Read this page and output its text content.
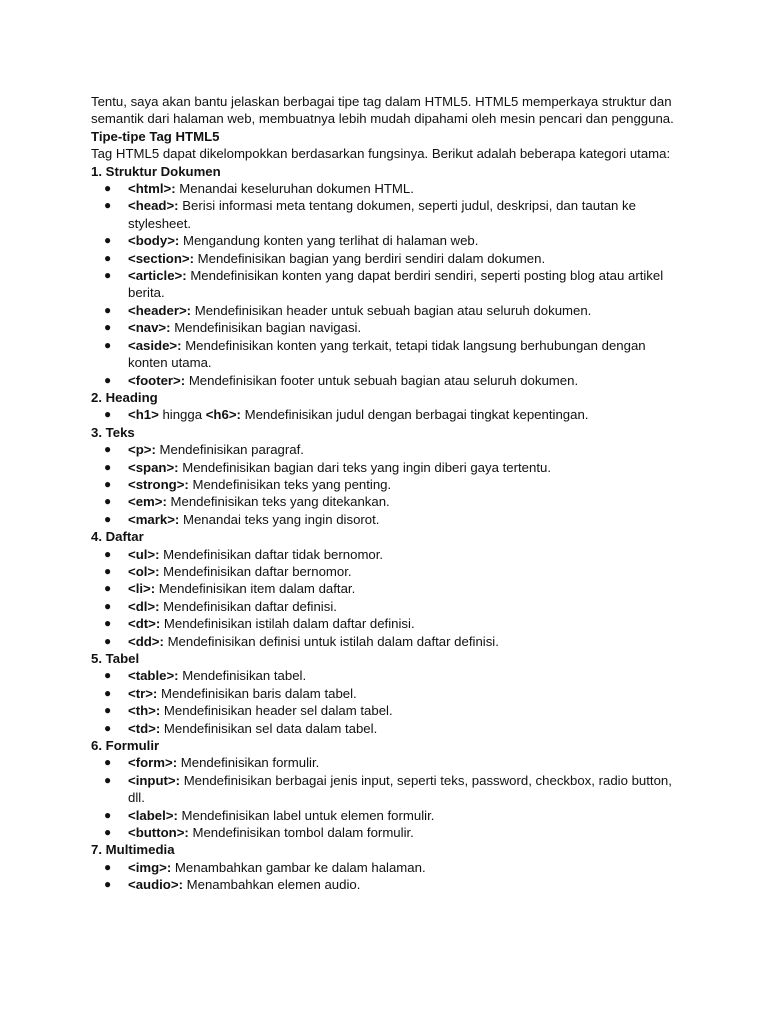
Tentu, saya akan bantu jelaskan berbagai tipe tag dalam HTML5. HTML5 memperkaya struktur dan semantik dari halaman web, membuatnya lebih mudah dipahami oleh mesin pencari dan pengguna.

Tipe-tipe Tag HTML5

Tag HTML5 dapat dikelompokkan berdasarkan fungsinya. Berikut adalah beberapa kategori utama:

1. Struktur Dokumen

● <html>: Menandai keseluruhan dokumen HTML.
● <head>: Berisi informasi meta tentang dokumen, seperti judul, deskripsi, dan tautan ke stylesheet.
● <body>: Mengandung konten yang terlihat di halaman web.
● <section>: Mendefinisikan bagian yang berdiri sendiri dalam dokumen.
● <article>: Mendefinisikan konten yang dapat berdiri sendiri, seperti posting blog atau artikel berita.
● <header>: Mendefinisikan header untuk sebuah bagian atau seluruh dokumen.
● <nav>: Mendefinisikan bagian navigasi.
● <aside>: Mendefinisikan konten yang terkait, tetapi tidak langsung berhubungan dengan konten utama.
● <footer>: Mendefinisikan footer untuk sebuah bagian atau seluruh dokumen.

2. Heading

● <h1> hingga <h6>: Mendefinisikan judul dengan berbagai tingkat kepentingan.

3. Teks

● <p>: Mendefinisikan paragraf.
● <span>: Mendefinisikan bagian dari teks yang ingin diberi gaya tertentu.
● <strong>: Mendefinisikan teks yang penting.
● <em>: Mendefinisikan teks yang ditekankan.
● <mark>: Menandai teks yang ingin disorot.

4. Daftar

● <ul>: Mendefinisikan daftar tidak bernomor.
● <ol>: Mendefinisikan daftar bernomor.
● <li>: Mendefinisikan item dalam daftar.
● <dl>: Mendefinisikan daftar definisi.
● <dt>: Mendefinisikan istilah dalam daftar definisi.
● <dd>: Mendefinisikan definisi untuk istilah dalam daftar definisi.

5. Tabel

● <table>: Mendefinisikan tabel.
● <tr>: Mendefinisikan baris dalam tabel.
● <th>: Mendefinisikan header sel dalam tabel.
● <td>: Mendefinisikan sel data dalam tabel.

6. Formulir

● <form>: Mendefinisikan formulir.
● <input>: Mendefinisikan berbagai jenis input, seperti teks, password, checkbox, radio button, dll.
● <label>: Mendefinisikan label untuk elemen formulir.
● <button>: Mendefinisikan tombol dalam formulir.

7. Multimedia

● <img>: Menambahkan gambar ke dalam halaman.
● <audio>: Menambahkan elemen audio.
